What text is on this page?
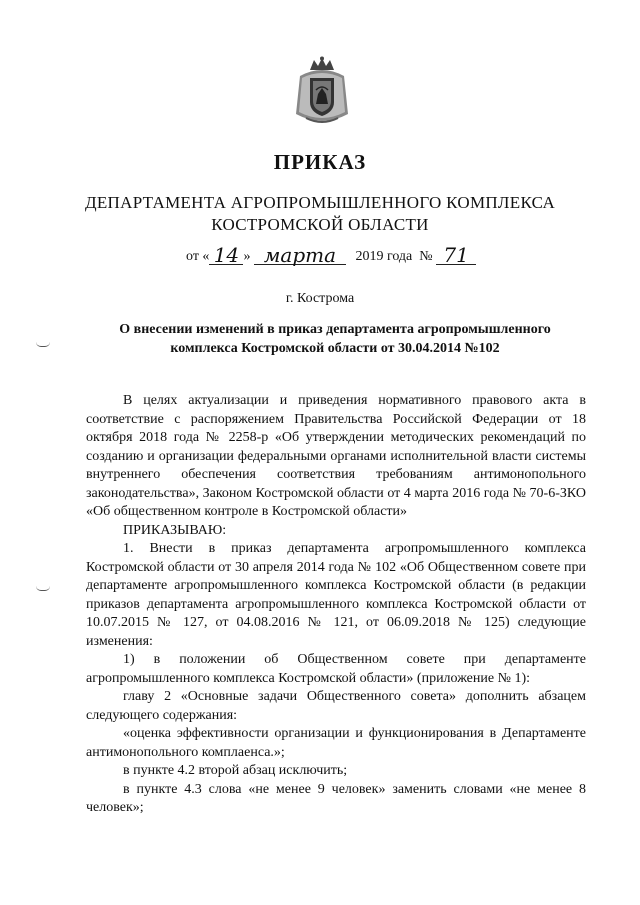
ПРИКАЗ
ДЕПАРТАМЕНТА АГРОПРОМЫШЛЕННОГО КОМПЛЕКСА
КОСТРОМСКОЙ ОБЛАСТИ
от « 14 » марта 2019 года № 71
г. Кострома
О внесении изменений в приказ департамента агропромышленного
комплекса Костромской области от 30.04.2014 №102

В целях актуализации и приведения нормативного правового акта в соответствие с распоряжением Правительства Российской Федерации от 18 октября 2018 года № 2258-р «Об утверждении методических рекомендаций по созданию и организации федеральными органами исполнительной власти системы внутреннего обеспечения соответствия требованиям антимонопольного законодательства», Законом Костромской области от 4 марта 2016 года № 70-6-ЗКО «Об общественном контроле в Костромской области»

ПРИКАЗЫВАЮ:

1. Внести в приказ департамента агропромышленного комплекса Костромской области от 30 апреля 2014 года № 102 «Об Общественном совете при департаменте агропромышленного комплекса Костромской области (в редакции приказов департамента агропромышленного комплекса Костромской области от 10.07.2015 № 127, от 04.08.2016 № 121, от 06.09.2018 № 125) следующие изменения:

1) в положении об Общественном совете при департаменте агропромышленного комплекса Костромской области» (приложение № 1):

главу 2 «Основные задачи Общественного совета» дополнить абзацем следующего содержания:

«оценка эффективности организации и функционирования в Департаменте антимонопольного комплаенса.»;

в пункте 4.2 второй абзац исключить;

в пункте 4.3 слова «не менее 9 человек» заменить словами «не менее 8 человек»;
